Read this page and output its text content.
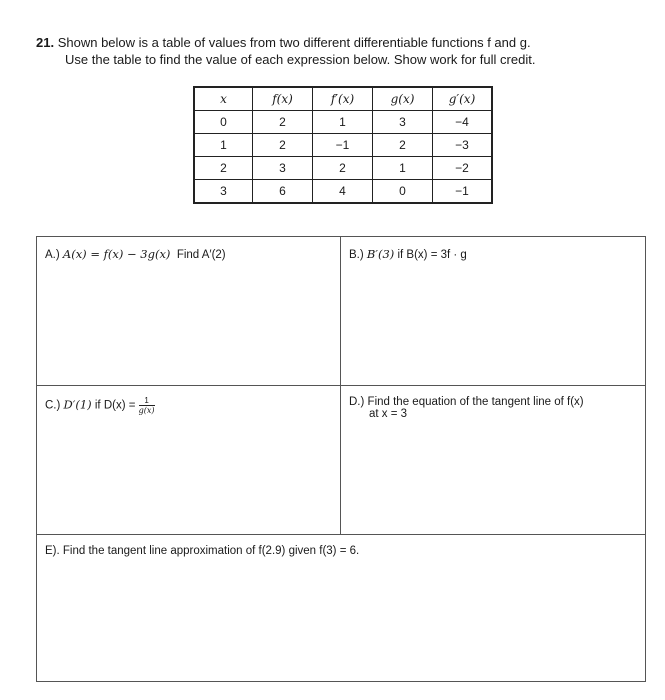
21. Shown below is a table of values from two different differentiable functions f and g.
Use the table to find the value of each expression below. Show work for full credit.
x	f(x)	f′(x)	g(x)	g′(x)
0	2	1	3	−4
1	2	−1	2	−3
2	3	2	1	−2
3	6	4	0	−1
A.) A(x) = f(x) − 3g(x) Find A′(2)	B.) B′(3) if B(x) = 3f · g
C.) D′(1) if $D(x) = \frac{1}{g(x)}$	D.) Find the equation of the tangent line of f(x)
at x = 3
E). Find the tangent line approximation of f(2.9) given f(3) = 6.
